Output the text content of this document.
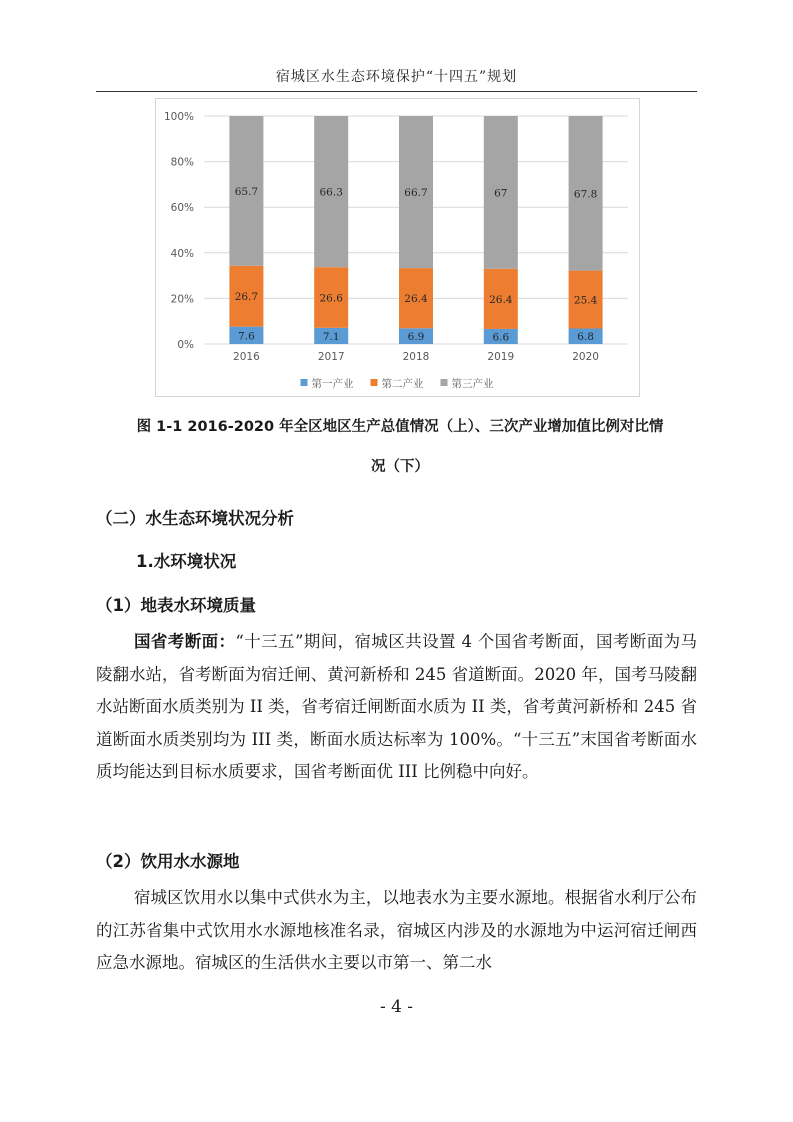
宿城区水生态环境保护“十四五”规划
0%
20%
40%
60%
80%
100%
7.6
26.7
65.7
2016
7.1
26.6
66.3
2017
6.9
26.4
66.7
2018
6.6
26.4
67
2019
6.8
25.4
67.8
2020
第一产业	第二产业	第三产业
图 1-1 2016-2020 年全区地区生产总值情况（上）、三次产业增加值比例对比情
况（下）
（二）水生态环境状况分析
1.水环境状况
（1）地表水环境质量

国省考断面：“十三五”期间，宿城区共设置 4 个国省考断面，国考断面为马陵翻水站，省考断面为宿迁闸、黄河新桥和 245 省道断面。2020 年，国考马陵翻水站断面水质类别为 II 类，省考宿迁闸断面水质为 II 类，省考黄河新桥和 245 省道断面水质类别均为 III 类，断面水质达标率为 100%。“十三五”末国省考断面水质均能达到目标水质要求，国省考断面优 III 比例稳中向好。

（2）饮用水水源地

宿城区饮用水以集中式供水为主，以地表水为主要水源地。根据省水利厅公布的江苏省集中式饮用水水源地核准名录，宿城区内涉及的水源地为中运河宿迁闸西应急水源地。宿城区的生活供水主要以市第一、第二水

- 4 -
